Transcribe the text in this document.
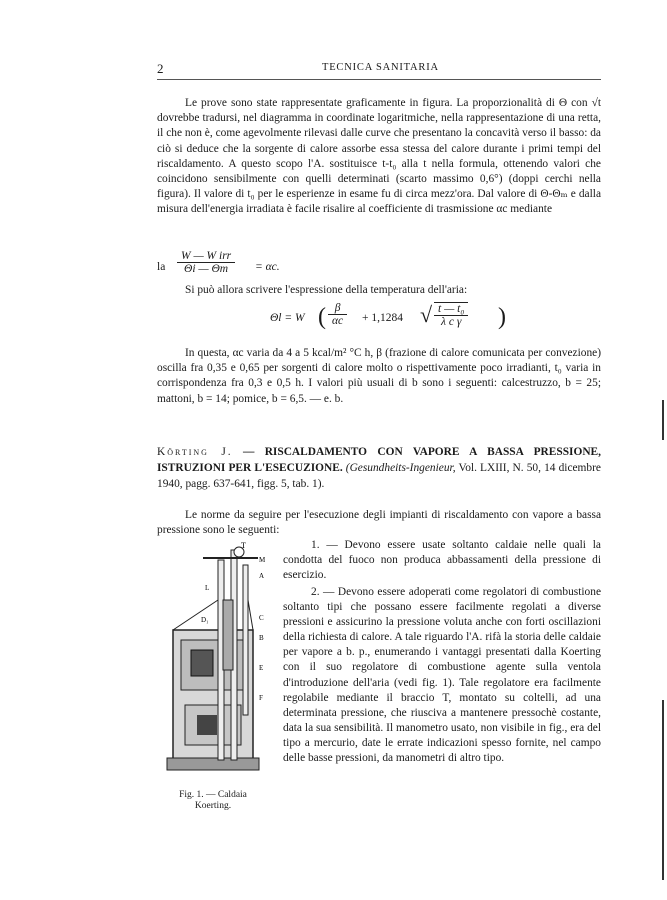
2	TECNICA SANITARIA

Le prove sono state rappresentate graficamente in figura. La proporzionalità di Θ con √t dovrebbe tradursi, nel diagramma in coordinate logaritmiche, nella rappresentazione di una retta, il che non è, come agevolmente rilevasi dalle curve che presentano la concavità verso il basso: da ciò si deduce che la sorgente di calore assorbe essa stessa del calore durante i primi tempi del riscaldamento. A questo scopo l'A. sostituisce t-t₀ alla t nella formula, ottenendo valori che coincidono sensibilmente con quelli determinati (scarto massimo 0,6°) (doppi cerchi nella figura). Il valore di t₀ per le esperienze in esame fu di circa mezz'ora. Dal valore di Θ-Θₘ e dalla misura dell'energia irradiata è facile risalire al coefficiente di trasmissione αc mediante

la
W — W irr
Θi — Θm	= αc.

Si può allora scrivere l'espressione della temperatura dell'aria:

Θl = W ( $\frac{\beta}{\alpha c} + 1,1284$ √ $\frac{\text{t — t₀}}{\text{λ c γ}}$ )

In questa, αc varia da 4 a 5 kcal/m² °C h, β (frazione di calore comunicata per convezione) oscilla fra 0,35 e 0,65 per sorgenti di calore molto o rispettivamente poco irradianti, t₀ varia in corrispondenza fra 0,3 e 0,5 h. I valori più usuali di b sono i seguenti: calcestruzzo, b = 25; mattoni, b = 14; pomice, b = 6,5. — e. b.

Körting J. — RISCALDAMENTO CON VAPORE A BASSA PRESSIONE, ISTRUZIONI PER L'ESECUZIONE. (Gesundheits-Ingenieur, Vol. LXIII, N. 50, 14 dicembre 1940, pagg. 637-641, figg. 5, tab. 1).

Le norme da seguire per l'esecuzione degli impianti di riscaldamento con vapore a bassa pressione sono le seguenti:

T
M
A
L
D₁	C
B
E
F
Fig. 1. — Caldaia Koerting.

1. — Devono essere usate soltanto caldaie nelle quali la condotta del fuoco non produca abbassamenti della pressione di esercizio.

2. — Devono essere adoperati come regolatori di combustione soltanto tipi che possano essere facilmente regolati a diverse pressioni e assicurino la pressione voluta anche con forti oscillazioni della richiesta di calore. A tale riguardo l'A. rifà la storia delle caldaie per vapore a b. p., enumerando i vantaggi presentati dalla Koerting con il suo regolatore di combustione agente sulla ventola d'introduzione dell'aria (vedi fig. 1). Tale regolatore era facilmente regolabile mediante il braccio T, montato su coltelli, ad una determinata pressione, che riusciva a mantenere pressochè costante, data la sua sensibilità. Il manometro usato, non visibile in fig., era del tipo a mercurio, date le errate indicazioni spesso fornite, nel campo delle basse pressioni, da manometri di altro tipo.
